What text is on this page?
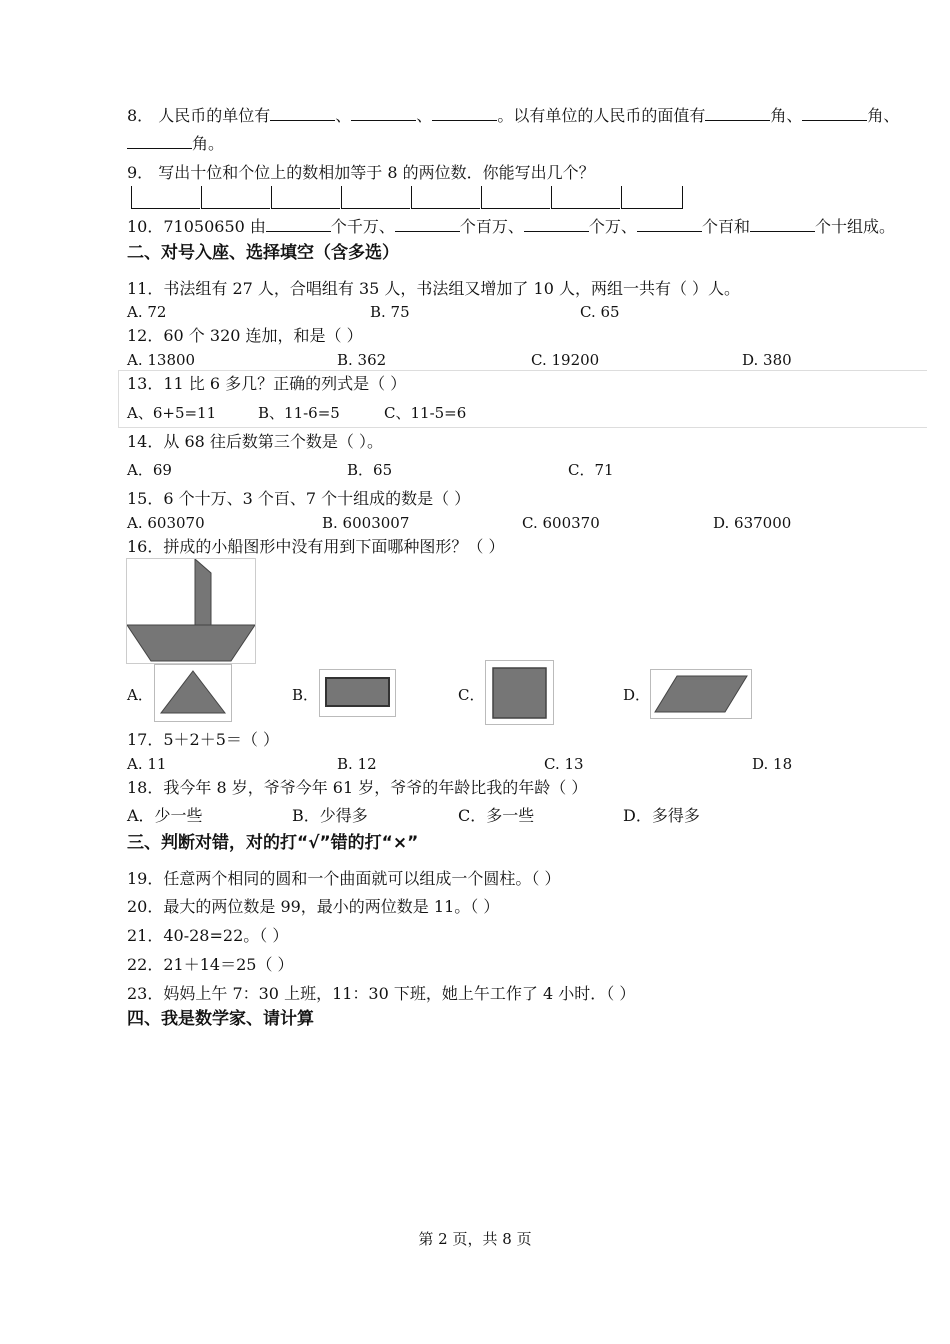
8． 人民币的单位有	、	、	。以有单位的人民币的面值有	角、	角、
角。
9． 写出十位和个位上的数相加等于 8 的两位数．你能写出几个？
10．71050650 由	个千万、	个百万、	个万、	个百和	个十组成。
二、对号入座、选择填空（含多选）
11．书法组有 27 人，合唱组有 35 人，书法组又增加了 10 人，两组一共有（ ）人。
A. 72	B. 75	C. 65
12．60 个 320 连加，和是（ ）
A. 13800	B. 362	C. 19200	D. 380
13．11 比 6 多几？正确的列式是（ ）
A、6+5=11	B、11-6=5	C、11-5=6
14．从 68 往后数第三个数是（ ）。
A．69	B．65	C．71
15．6 个十万、3 个百、7 个十组成的数是（ ）
A. 603070	B. 6003007	C. 600370	D. 637000
16．拼成的小船图形中没有用到下面哪种图形？（ ）
A．	B．	C．	D．
17．5＋2＋5＝（ ）
A. 11	B. 12	C. 13	D. 18
18．我今年 8 岁，爷爷今年 61 岁，爷爷的年龄比我的年龄（ ）
A．少一些	B．少得多	C．多一些	D．多得多
三、判断对错，对的打“√”错的打“×”
19．任意两个相同的圆和一个曲面就可以组成一个圆柱。（ ）
20．最大的两位数是 99，最小的两位数是 11。（ ）
21．40-28=22。（ ）
22．21＋14＝25（ ）
23．妈妈上午 7：30 上班，11：30 下班，她上午工作了 4 小时．（ ）
四、我是数学家、请计算
第 2 页，共 8 页
